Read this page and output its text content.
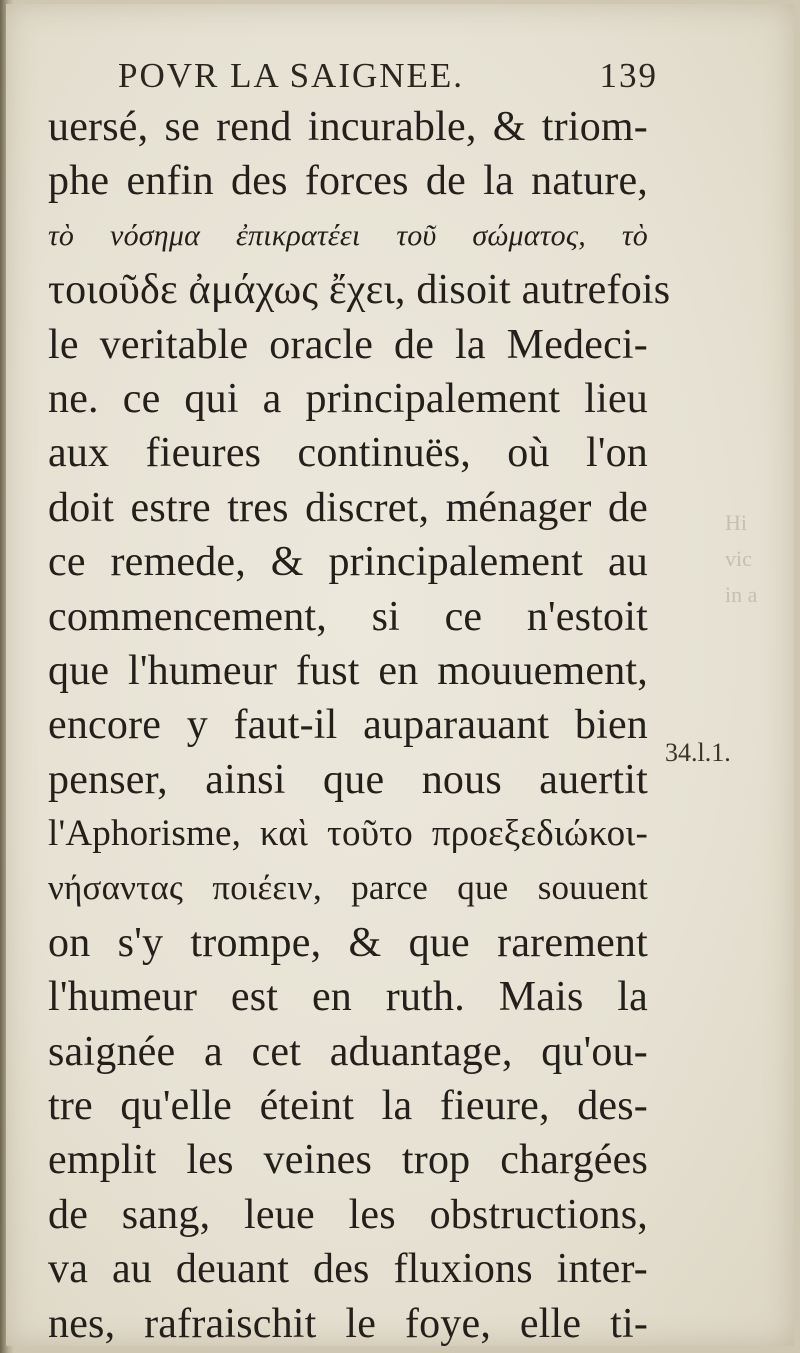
POVR LA SAIGNEE.	139
uersé, se rend incurable, & triom-
phe enfin des forces de la nature,
τὸ νόσημα ἐπικρατέει τοῦ σώματος, τὸ
τοιοῦδε ἀμάχως ἔχει, disoit autrefois
le veritable oracle de la Medeci-
ne. ce qui a principalement lieu
aux fieures continuës, où l'on
doit estre tres discret, ménager de
ce remede, & principalement au
commencement, si ce n'estoit
que l'humeur fust en mouuement,
encore y faut-il auparauant bien
penser, ainsi que nous auertit
l'Aphorisme, καὶ τοῦτο προεξεδιώκοι-
νήσαντας ποιέειν, parce que souuent
on s'y trompe, & que rarement
l'humeur est en ruth. Mais la
saignée a cet aduantage, qu'ou-
tre qu'elle éteint la fieure, des-
emplit les veines trop chargées
de sang, leue les obstructions,
va au deuant des fluxions inter-
nes, rafraischit le foye, elle ti-
34.l.1.
Hi
vic
in a
